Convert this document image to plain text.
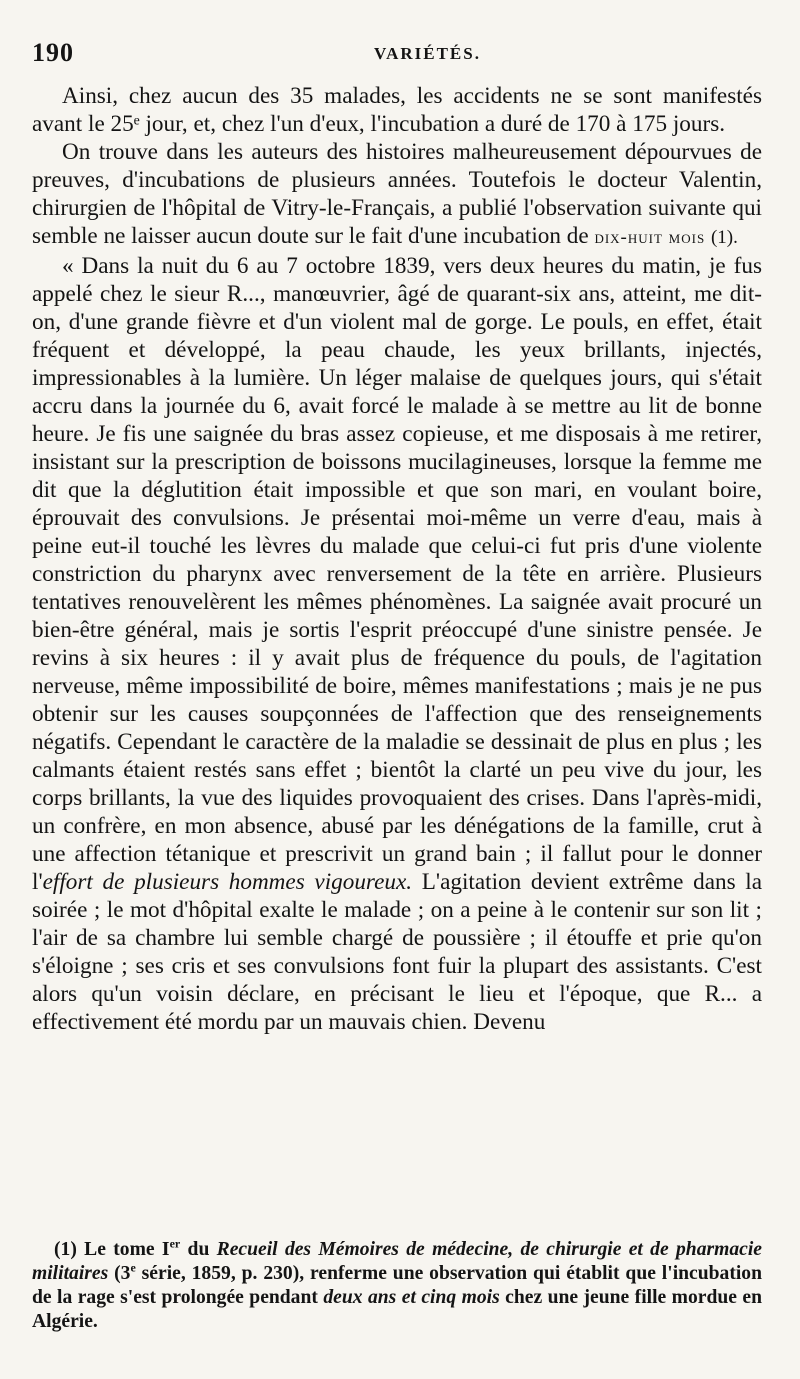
190	VARIÉTÉS.

Ainsi, chez aucun des 35 malades, les accidents ne se sont manifestés avant le 25ᵉ jour, et, chez l'un d'eux, l'incubation a duré de 170 à 175 jours.

On trouve dans les auteurs des histoires malheureusement dépourvues de preuves, d'incubations de plusieurs années. Toutefois le docteur Valentin, chirurgien de l'hôpital de Vitry-le-Français, a publié l'observation suivante qui semble ne laisser aucun doute sur le fait d'une incubation de dix-huit mois (1).

« Dans la nuit du 6 au 7 octobre 1839, vers deux heures du matin, je fus appelé chez le sieur R..., manœuvrier, âgé de quarant-six ans, atteint, me dit-on, d'une grande fièvre et d'un violent mal de gorge. Le pouls, en effet, était fréquent et développé, la peau chaude, les yeux brillants, injectés, impressionables à la lumière. Un léger malaise de quelques jours, qui s'était accru dans la journée du 6, avait forcé le malade à se mettre au lit de bonne heure. Je fis une saignée du bras assez copieuse, et me disposais à me retirer, insistant sur la prescription de boissons mucilagineuses, lorsque la femme me dit que la déglutition était impossible et que son mari, en voulant boire, éprouvait des convulsions. Je présentai moi-même un verre d'eau, mais à peine eut-il touché les lèvres du malade que celui-ci fut pris d'une violente constriction du pharynx avec renversement de la tête en arrière. Plusieurs tentatives renouvelèrent les mêmes phénomènes. La saignée avait procuré un bien-être général, mais je sortis l'esprit préoccupé d'une sinistre pensée. Je revins à six heures : il y avait plus de fréquence du pouls, de l'agitation nerveuse, même impossibilité de boire, mêmes manifestations ; mais je ne pus obtenir sur les causes soupçonnées de l'affection que des renseignements négatifs. Cependant le caractère de la maladie se dessinait de plus en plus ; les calmants étaient restés sans effet ; bientôt la clarté un peu vive du jour, les corps brillants, la vue des liquides provoquaient des crises. Dans l'après-midi, un confrère, en mon absence, abusé par les dénégations de la famille, crut à une affection tétanique et prescrivit un grand bain ; il fallut pour le donner l'effort de plusieurs hommes vigoureux. L'agitation devient extrême dans la soirée ; le mot d'hôpital exalte le malade ; on a peine à le contenir sur son lit ; l'air de sa chambre lui semble chargé de poussière ; il étouffe et prie qu'on s'éloigne ; ses cris et ses convulsions font fuir la plupart des assistants. C'est alors qu'un voisin déclare, en précisant le lieu et l'époque, que R... a effectivement été mordu par un mauvais chien. Devenu

(1) Le tome Ier du Recueil des Mémoires de médecine, de chirurgie et de pharmacie militaires (3e série, 1859, p. 230), renferme une observation qui établit que l'incubation de la rage s'est prolongée pendant deux ans et cinq mois chez une jeune fille mordue en Algérie.
